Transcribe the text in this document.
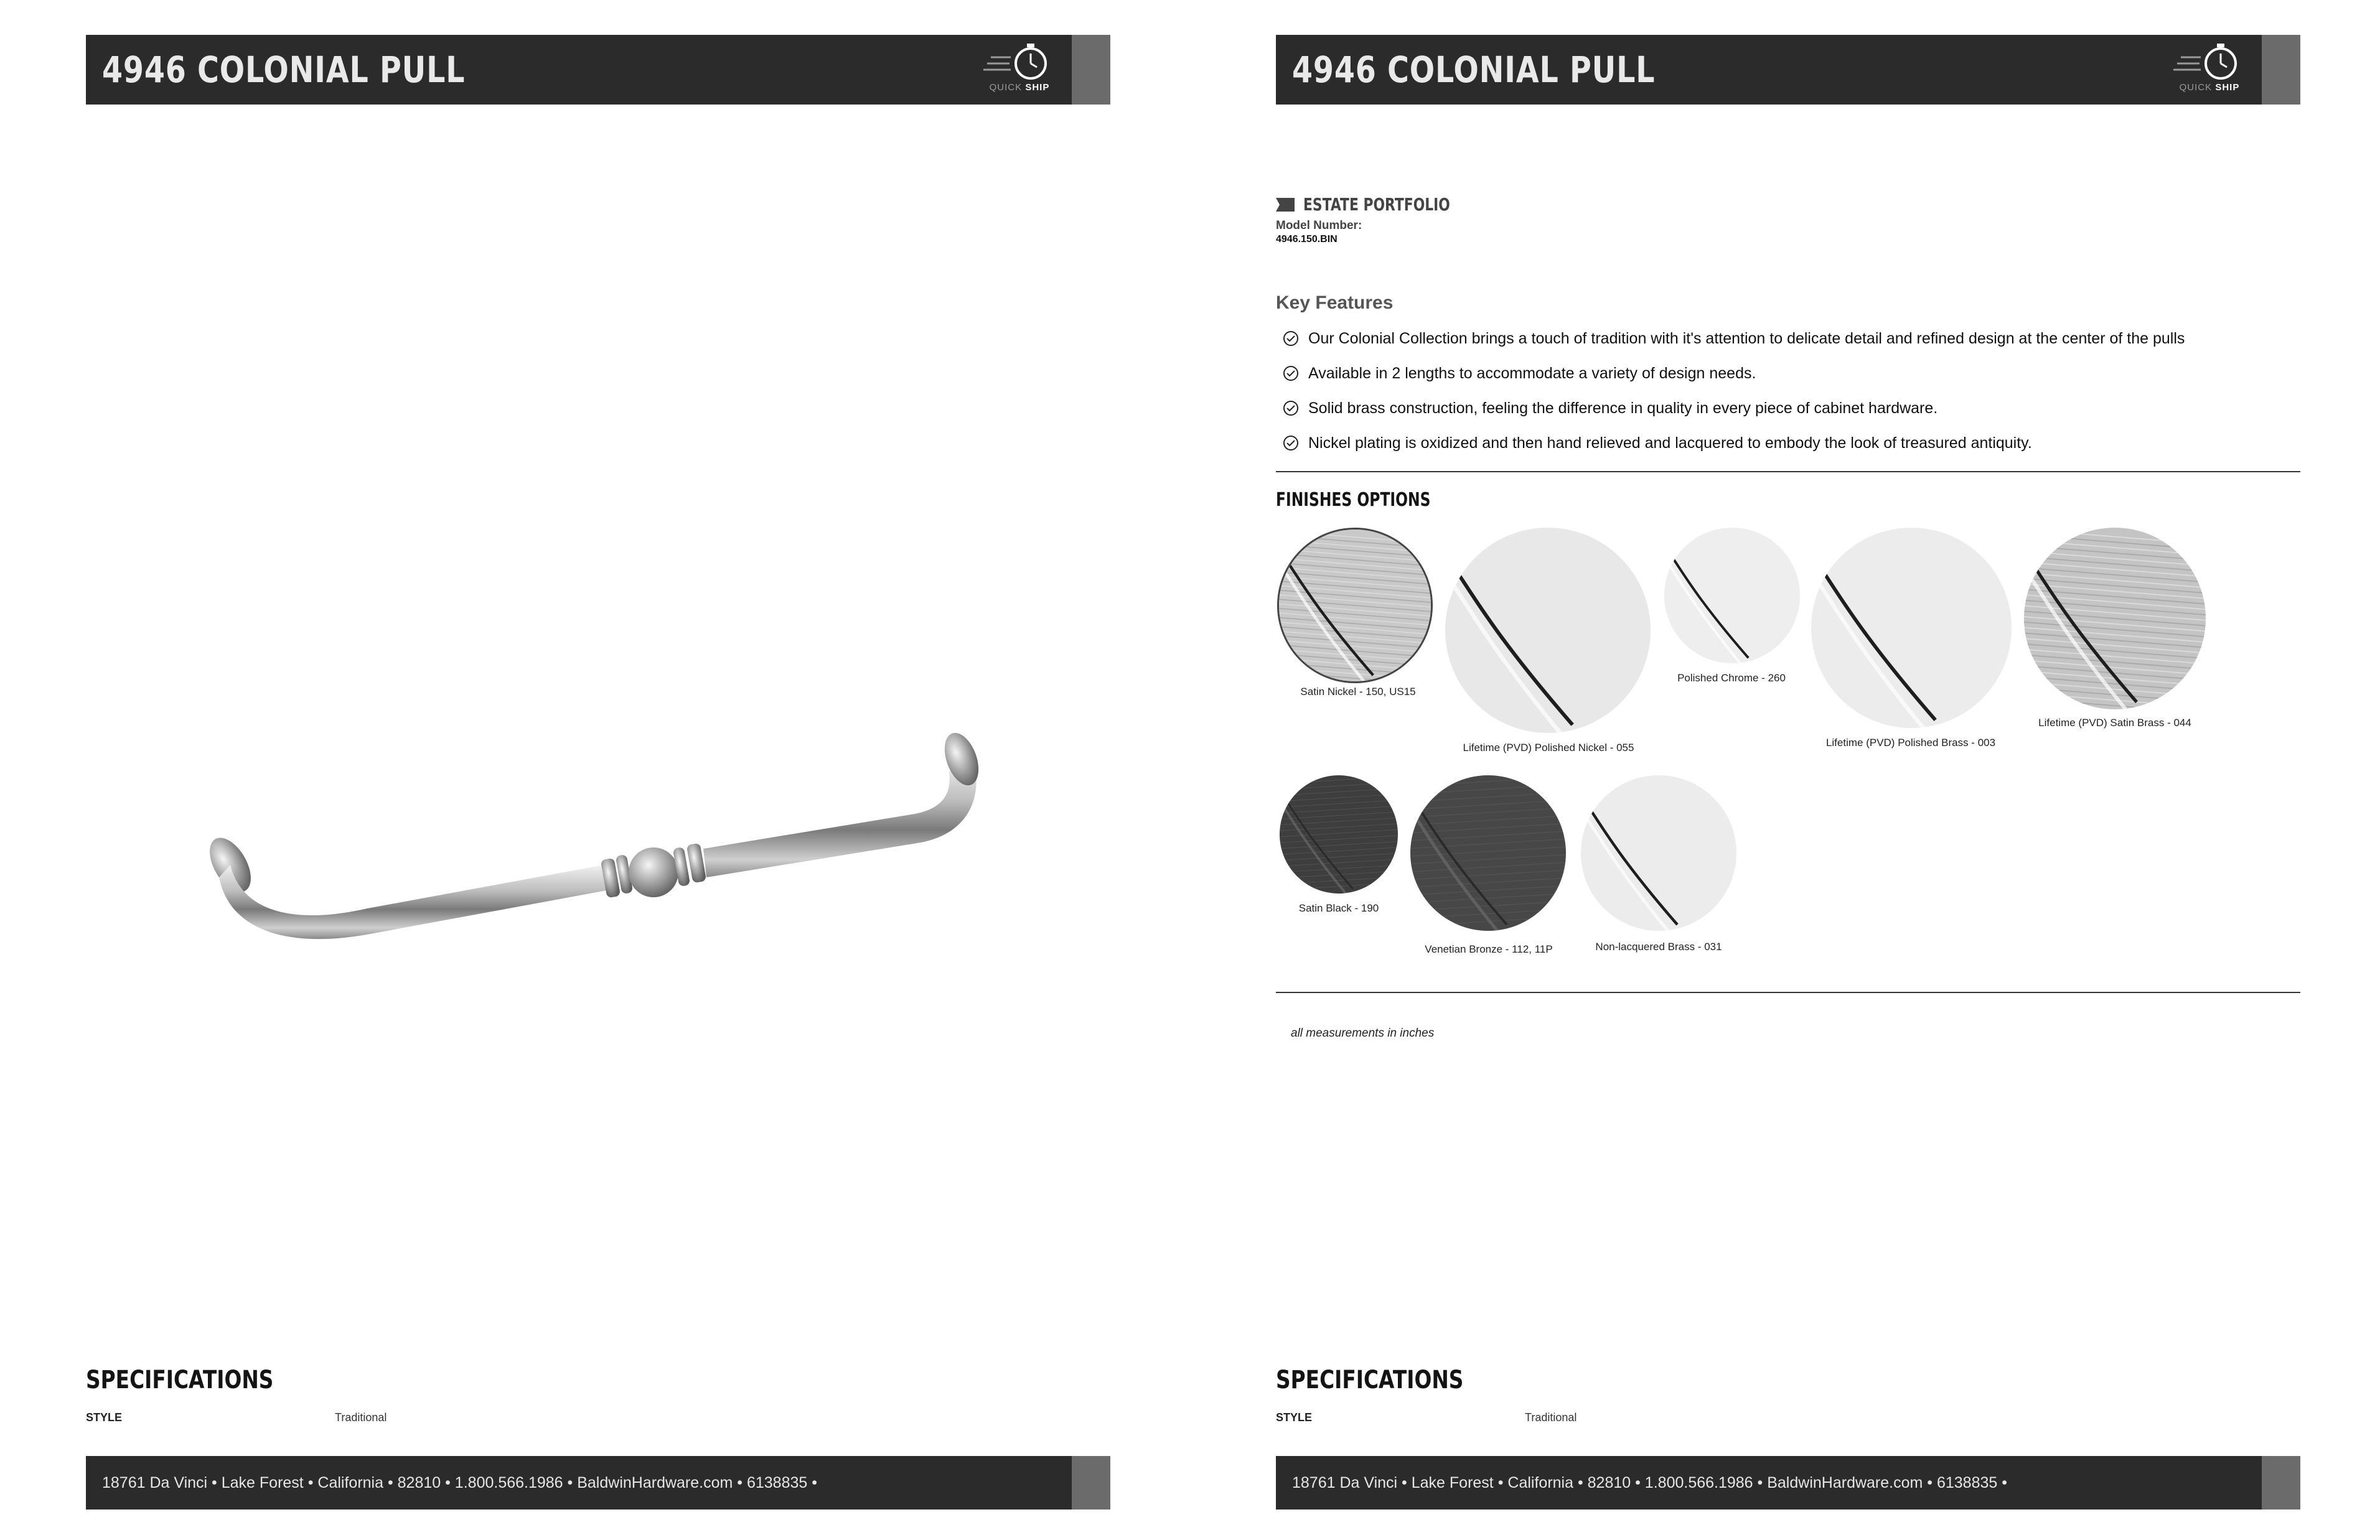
4946 COLONIAL PULL	QUICK SHIP
SPECIFICATIONS
STYLE	Traditional
18761 Da Vinci • Lake Forest • California • 82810 • 1.800.566.1986 • BaldwinHardware.com • 6138835 •
4946 COLONIAL PULL	QUICK SHIP
ESTATE PORTFOLIO
Model Number:
4946.150.BIN
Key Features
Our Colonial Collection brings a touch of tradition with it's attention to delicate detail and refined design at the center of the pulls
Available in 2 lengths to accommodate a variety of design needs.
Solid brass construction, feeling the difference in quality in every piece of cabinet hardware.
Nickel plating is oxidized and then hand relieved and lacquered to embody the look of treasured antiquity.
FINISHES OPTIONS
Satin Nickel - 150, US15
Lifetime (PVD) Polished Nickel - 055
Polished Chrome - 260
Lifetime (PVD) Polished Brass - 003
Lifetime (PVD) Satin Brass - 044
Satin Black - 190
Venetian Bronze - 112, 11P	Non-lacquered Brass - 031
all measurements in inches
SPECIFICATIONS
STYLE	Traditional
18761 Da Vinci • Lake Forest • California • 82810 • 1.800.566.1986 • BaldwinHardware.com • 6138835 •
